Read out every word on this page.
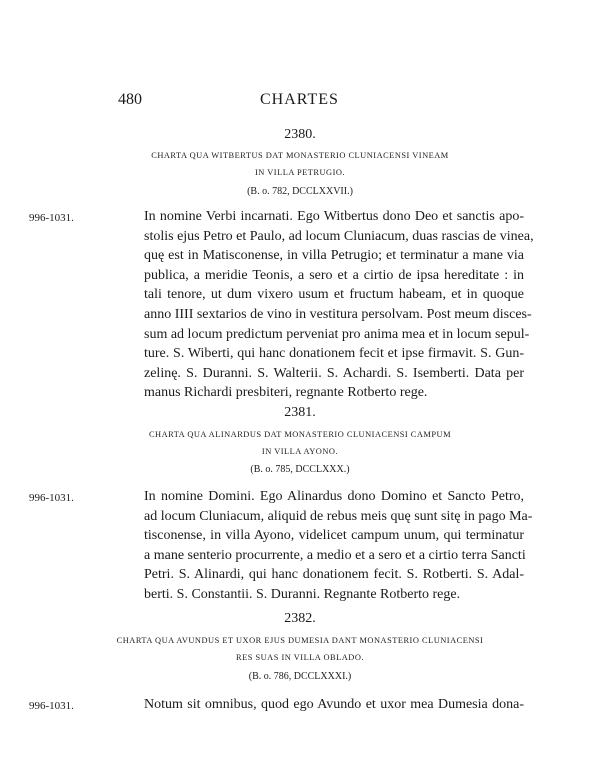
480	CHARTES
2380.
CHARTA QUA WITBERTUS DAT MONASTERIO CLUNIACENSI VINEAM
IN VILLA PETRUGIO.
(B. o. 782, DCCLXXVII.)
996-1031.	In nomine Verbi incarnati. Ego Witbertus dono Deo et sanctis apo-
stolis ejus Petro et Paulo, ad locum Cluniacum, duas rascias de vinea,
quę est in Matisconense, in villa Petrugio; et terminatur a mane via
publica, a meridie Teonis, a sero et a cirtio de ipsa hereditate : in
tali tenore, ut dum vixero usum et fructum habeam, et in quoque
anno IIII sextarios de vino in vestitura persolvam. Post meum disces-
sum ad locum predictum perveniat pro anima mea et in locum sepul-
ture. S. Wiberti, qui hanc donationem fecit et ipse firmavit. S. Gun-
zelinę. S. Duranni. S. Walterii. S. Achardi. S. Isemberti. Data per
manus Richardi presbiteri, regnante Rotberto rege.
2381.
CHARTA QUA ALINARDUS DAT MONASTERIO CLUNIACENSI CAMPUM
IN VILLA AYONO.
(B. o. 785, DCCLXXX.)
996-1031.	In nomine Domini. Ego Alinardus dono Domino et Sancto Petro,
ad locum Cluniacum, aliquid de rebus meis quę sunt sitę in pago Ma-
tisconense, in villa Ayono, videlicet campum unum, qui terminatur
a mane senterio procurrente, a medio et a sero et a cirtio terra Sancti
Petri. S. Alinardi, qui hanc donationem fecit. S. Rotberti. S. Adal-
berti. S. Constantii. S. Duranni. Regnante Rotberto rege.
2382.
CHARTA QUA AVUNDUS ET UXOR EJUS DUMESIA DANT MONASTERIO CLUNIACENSI
RES SUAS IN VILLA OBLADO.
(B. o. 786, DCCLXXXI.)
996-1031.	Notum sit omnibus, quod ego Avundo et uxor mea Dumesia dona-
